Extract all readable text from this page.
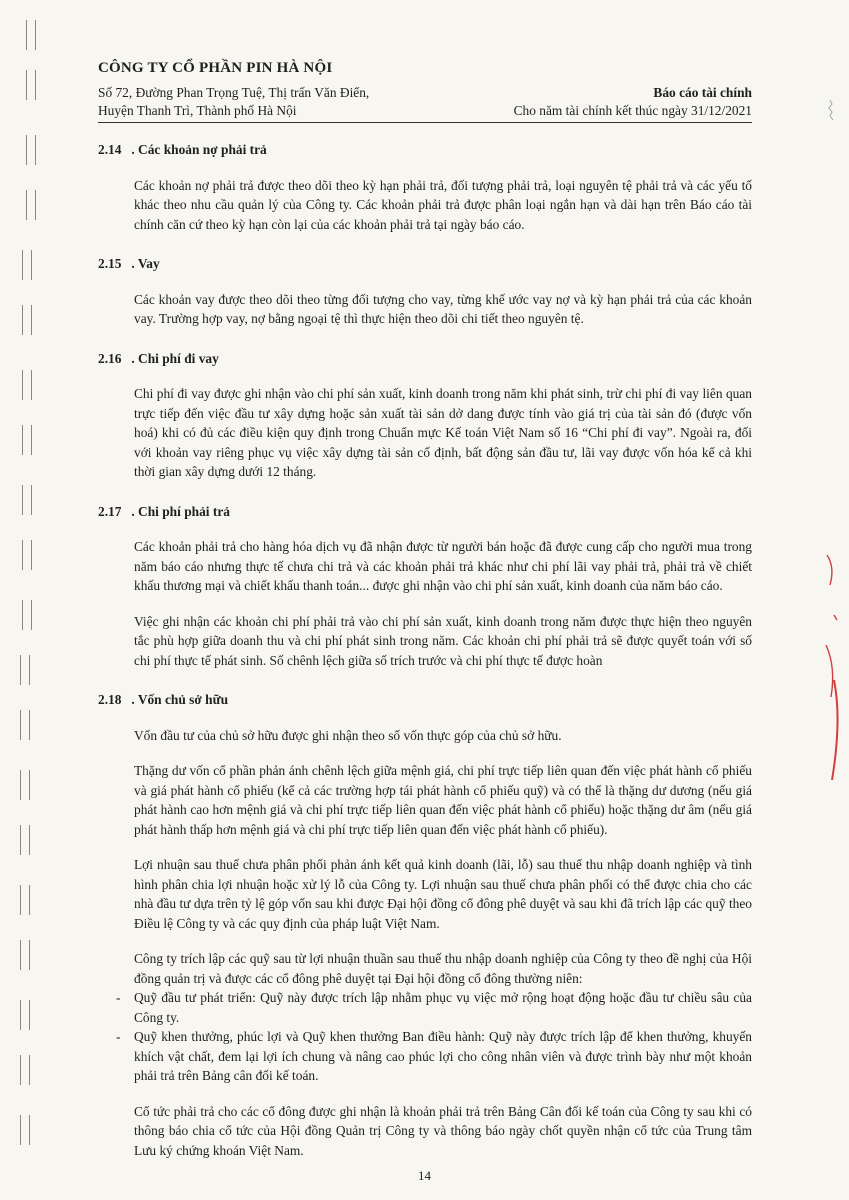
CÔNG TY CỔ PHẦN PIN HÀ NỘI
Số 72, Đường Phan Trọng Tuệ, Thị trấn Văn Điển,	Báo cáo tài chính
Huyện Thanh Trì, Thành phố Hà Nội	Cho năm tài chính kết thúc ngày 31/12/2021

2.14 . Các khoản nợ phải trả

Các khoản nợ phải trả được theo dõi theo kỳ hạn phải trả, đối tượng phải trả, loại nguyên tệ phải trả và các yếu tố khác theo nhu cầu quản lý của Công ty. Các khoản phải trả được phân loại ngắn hạn và dài hạn trên Báo cáo tài chính căn cứ theo kỳ hạn còn lại của các khoản phải trả tại ngày báo cáo.

2.15 . Vay

Các khoản vay được theo dõi theo từng đối tượng cho vay, từng khế ước vay nợ và kỳ hạn phải trả của các khoản vay. Trường hợp vay, nợ bằng ngoại tệ thì thực hiện theo dõi chi tiết theo nguyên tệ.

2.16 . Chi phí đi vay

Chi phí đi vay được ghi nhận vào chi phí sản xuất, kinh doanh trong năm khi phát sinh, trừ chi phí đi vay liên quan trực tiếp đến việc đầu tư xây dựng hoặc sản xuất tài sản dở dang được tính vào giá trị của tài sản đó (được vốn hoá) khi có đủ các điều kiện quy định trong Chuẩn mực Kế toán Việt Nam số 16 “Chi phí đi vay”. Ngoài ra, đối với khoản vay riêng phục vụ việc xây dựng tài sản cố định, bất động sản đầu tư, lãi vay được vốn hóa kể cả khi thời gian xây dựng dưới 12 tháng.

2.17 . Chi phí phải trả

Các khoản phải trả cho hàng hóa dịch vụ đã nhận được từ người bán hoặc đã được cung cấp cho người mua trong năm báo cáo nhưng thực tế chưa chi trả và các khoản phải trả khác như chi phí lãi vay phải trả, phải trả về chiết khấu thương mại và chiết khấu thanh toán... được ghi nhận vào chi phí sản xuất, kinh doanh của năm báo cáo.

Việc ghi nhận các khoản chi phí phải trả vào chi phí sản xuất, kinh doanh trong năm được thực hiện theo nguyên tắc phù hợp giữa doanh thu và chi phí phát sinh trong năm. Các khoản chi phí phải trả sẽ được quyết toán với số chi phí thực tế phát sinh. Số chênh lệch giữa số trích trước và chi phí thực tế được hoàn

2.18 . Vốn chủ sở hữu

Vốn đầu tư của chủ sở hữu được ghi nhận theo số vốn thực góp của chủ sở hữu.

Thặng dư vốn cổ phần phản ánh chênh lệch giữa mệnh giá, chi phí trực tiếp liên quan đến việc phát hành cổ phiếu và giá phát hành cổ phiếu (kể cả các trường hợp tái phát hành cổ phiếu quỹ) và có thể là thặng dư dương (nếu giá phát hành cao hơn mệnh giá và chi phí trực tiếp liên quan đến việc phát hành cổ phiếu) hoặc thặng dư âm (nếu giá phát hành thấp hơn mệnh giá và chi phí trực tiếp liên quan đến việc phát hành cổ phiếu).

Lợi nhuận sau thuế chưa phân phối phản ánh kết quả kinh doanh (lãi, lỗ) sau thuế thu nhập doanh nghiệp và tình hình phân chia lợi nhuận hoặc xử lý lỗ của Công ty. Lợi nhuận sau thuế chưa phân phối có thể được chia cho các nhà đầu tư dựa trên tỷ lệ góp vốn sau khi được Đại hội đồng cổ đông phê duyệt và sau khi đã trích lập các quỹ theo Điều lệ Công ty và các quy định của pháp luật Việt Nam.

Công ty trích lập các quỹ sau từ lợi nhuận thuần sau thuế thu nhập doanh nghiệp của Công ty theo đề nghị của Hội đồng quản trị và được các cổ đông phê duyệt tại Đại hội đồng cổ đông thường niên:

-	Quỹ đầu tư phát triển: Quỹ này được trích lập nhằm phục vụ việc mở rộng hoạt động hoặc đầu tư chiều sâu của Công ty.
-	Quỹ khen thưởng, phúc lợi và Quỹ khen thưởng Ban điều hành: Quỹ này được trích lập để khen thưởng, khuyến khích vật chất, đem lại lợi ích chung và nâng cao phúc lợi cho công nhân viên và được trình bày như một khoản phải trả trên Bảng cân đối kế toán.

Cổ tức phải trả cho các cổ đông được ghi nhận là khoản phải trả trên Bảng Cân đối kế toán của Công ty sau khi có thông báo chia cổ tức của Hội đồng Quản trị Công ty và thông báo ngày chốt quyền nhận cổ tức của Trung tâm Lưu ký chứng khoán Việt Nam.

14
